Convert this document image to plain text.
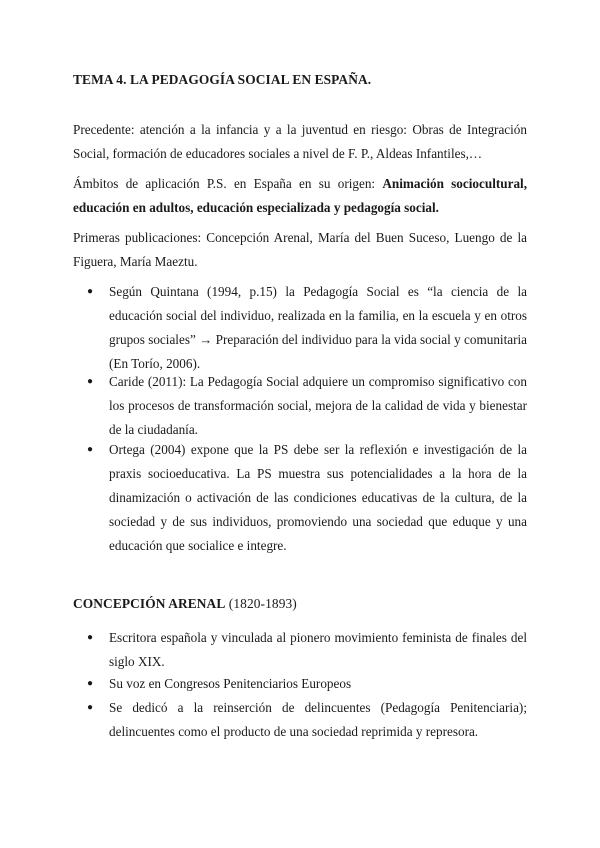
TEMA 4. LA PEDAGOGÍA SOCIAL EN ESPAÑA.
Precedente: atención a la infancia y a la juventud en riesgo: Obras de Integración Social, formación de educadores sociales a nivel de F. P., Aldeas Infantiles,…
Ámbitos de aplicación P.S. en España en su origen: Animación sociocultural, educación en adultos, educación especializada y pedagogía social.
Primeras publicaciones: Concepción Arenal, María del Buen Suceso, Luengo de la Figuera, María Maeztu.
● Según Quintana (1994, p.15) la Pedagogía Social es “la ciencia de la educación social del individuo, realizada en la familia, en la escuela y en otros grupos sociales” → Preparación del individuo para la vida social y comunitaria (En Torío, 2006).
● Caride (2011): La Pedagogía Social adquiere un compromiso significativo con los procesos de transformación social, mejora de la calidad de vida y bienestar de la ciudadanía.
● Ortega (2004) expone que la PS debe ser la reflexión e investigación de la praxis socioeducativa. La PS muestra sus potencialidades a la hora de la dinamización o activación de las condiciones educativas de la cultura, de la sociedad y de sus individuos, promoviendo una sociedad que eduque y una educación que socialice e integre.
CONCEPCIÓN ARENAL (1820-1893)
● Escritora española y vinculada al pionero movimiento feminista de finales del siglo XIX.
● Su voz en Congresos Penitenciarios Europeos
● Se dedicó a la reinserción de delincuentes (Pedagogía Penitenciaria); delincuentes como el producto de una sociedad reprimida y represora.
